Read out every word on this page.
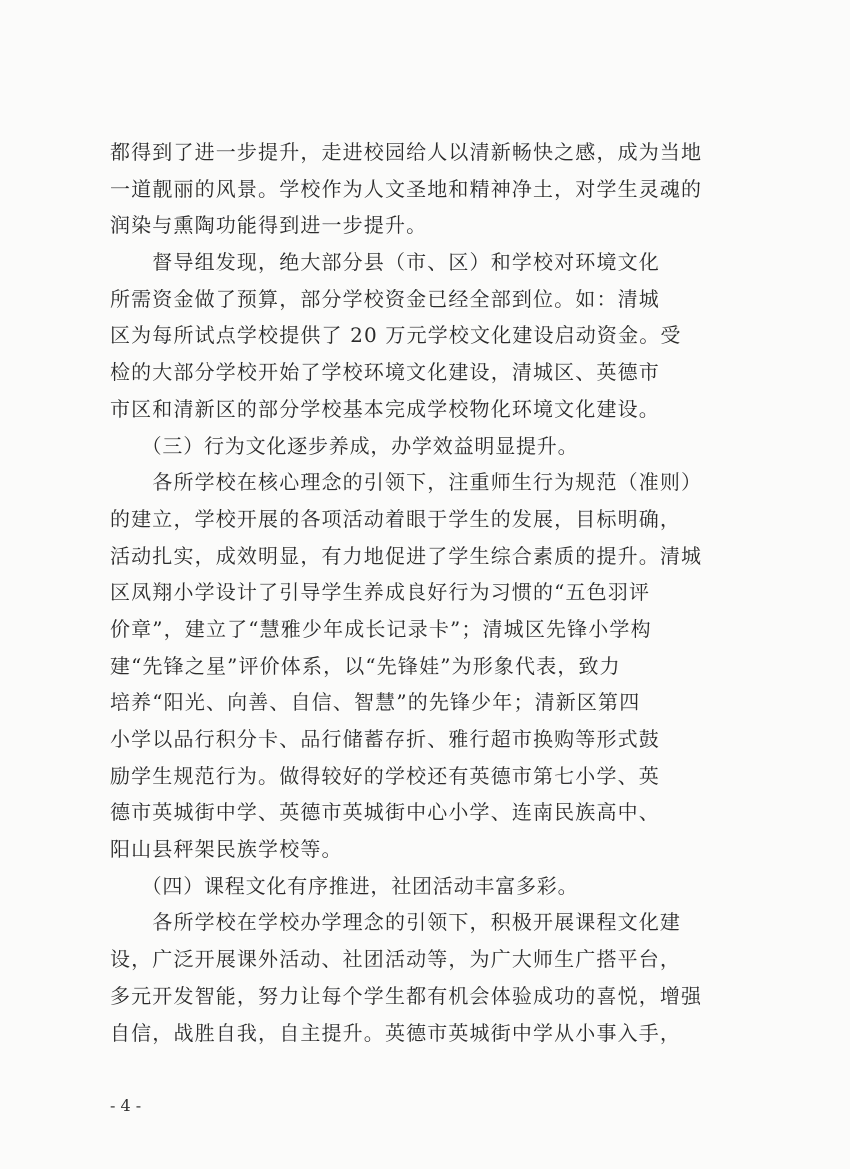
都得到了进一步提升，走进校园给人以清新畅快之感，成为当地
一道靓丽的风景。学校作为人文圣地和精神净土，对学生灵魂的
润染与熏陶功能得到进一步提升。
　　督导组发现，绝大部分县（市、区）和学校对环境文化
所需资金做了预算，部分学校资金已经全部到位。如：清城
区为每所试点学校提供了 20 万元学校文化建设启动资金。受
检的大部分学校开始了学校环境文化建设，清城区、英德市
市区和清新区的部分学校基本完成学校物化环境文化建设。
　　（三）行为文化逐步养成，办学效益明显提升。
　　各所学校在核心理念的引领下，注重师生行为规范（准则）
的建立，学校开展的各项活动着眼于学生的发展，目标明确，
活动扎实，成效明显，有力地促进了学生综合素质的提升。清城
区凤翔小学设计了引导学生养成良好行为习惯的“五色羽评
价章”，建立了“慧雅少年成长记录卡”；清城区先锋小学构
建“先锋之星”评价体系，以“先锋娃”为形象代表，致力
培养“阳光、向善、自信、智慧”的先锋少年；清新区第四
小学以品行积分卡、品行储蓄存折、雅行超市换购等形式鼓
励学生规范行为。做得较好的学校还有英德市第七小学、英
德市英城街中学、英德市英城街中心小学、连南民族高中、
阳山县秤架民族学校等。
　　（四）课程文化有序推进，社团活动丰富多彩。
　　各所学校在学校办学理念的引领下，积极开展课程文化建
设，广泛开展课外活动、社团活动等，为广大师生广搭平台，
多元开发智能，努力让每个学生都有机会体验成功的喜悦，增强
自信，战胜自我，自主提升。英德市英城街中学从小事入手，
- 4 -
